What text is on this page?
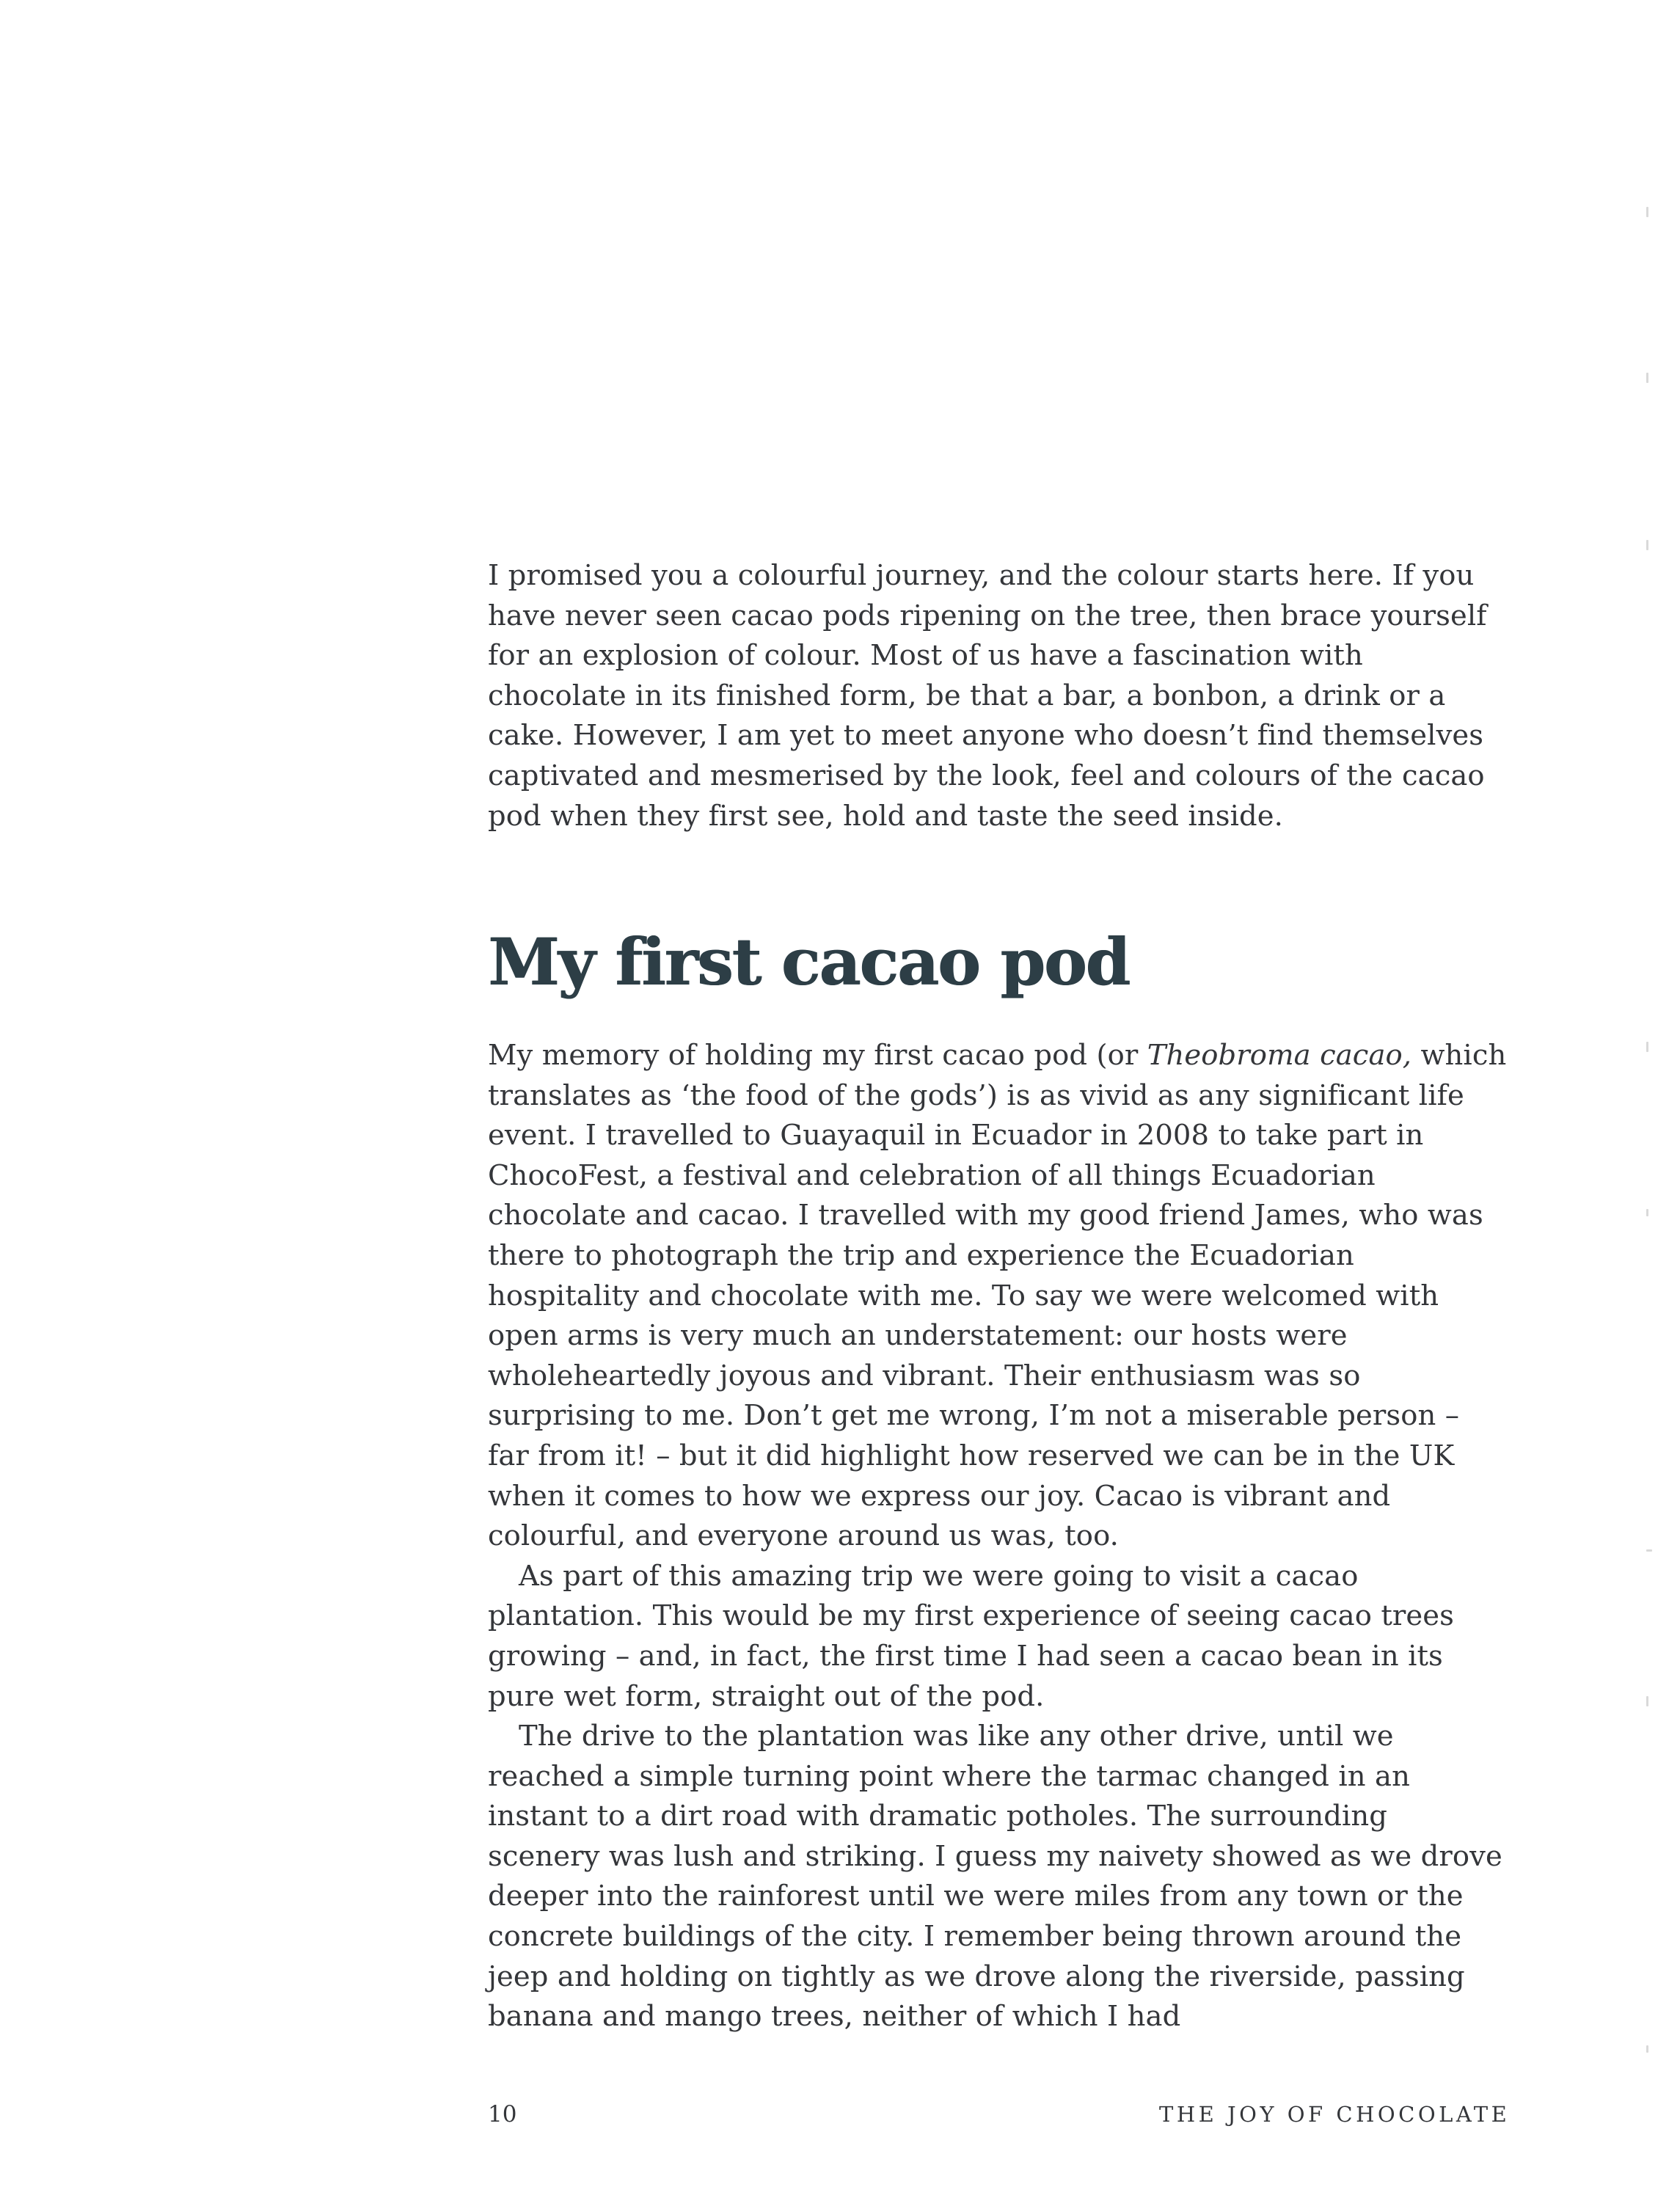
I promised you a colourful journey, and the colour starts here. If you have never seen cacao pods ripening on the tree, then brace yourself for an explosion of colour. Most of us have a fascination with chocolate in its finished form, be that a bar, a bonbon, a drink or a cake. However, I am yet to meet anyone who doesn’t find themselves captivated and mesmerised by the look, feel and colours of the cacao pod when they first see, hold and taste the seed inside.

My first cacao pod

My memory of holding my first cacao pod (or Theobroma cacao, which translates as ‘the food of the gods’) is as vivid as any significant life event. I travelled to Guayaquil in Ecuador in 2008 to take part in ChocoFest, a festival and celebration of all things Ecuadorian chocolate and cacao. I travelled with my good friend James, who was there to photograph the trip and experience the Ecuadorian hospitality and chocolate with me. To say we were welcomed with open arms is very much an understatement: our hosts were wholeheartedly joyous and vibrant. Their enthusiasm was so surprising to me. Don’t get me wrong, I’m not a miserable person – far from it! – but it did highlight how reserved we can be in the UK when it comes to how we express our joy. Cacao is vibrant and colourful, and everyone around us was, too.

As part of this amazing trip we were going to visit a cacao plantation. This would be my first experience of seeing cacao trees growing – and, in fact, the first time I had seen a cacao bean in its pure wet form, straight out of the pod.

The drive to the plantation was like any other drive, until we reached a simple turning point where the tarmac changed in an instant to a dirt road with dramatic potholes. The surrounding scenery was lush and striking. I guess my naivety showed as we drove deeper into the rainforest until we were miles from any town or the concrete buildings of the city. I remember being thrown around the jeep and holding on tightly as we drove along the riverside, passing banana and mango trees, neither of which I had

10	THE JOY OF CHOCOLATE
